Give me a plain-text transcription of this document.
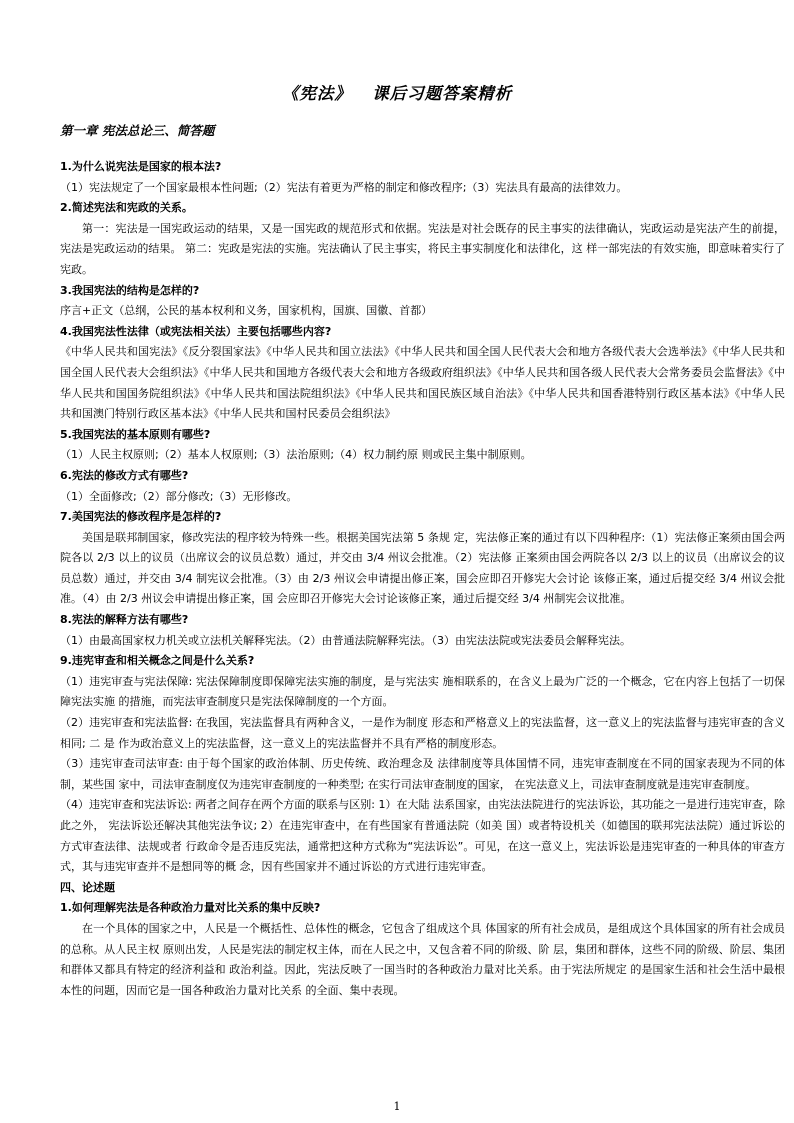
《宪法》   课后习题答案精析
第一章 宪法总论三、简答题

1.为什么说宪法是国家的根本法?

（1）宪法规定了一个国家最根本性问题;（2）宪法有着更为严格的制定和修改程序;（3）宪法具有最高的法律效力。

2.简述宪法和宪政的关系。

第一：宪法是一国宪政运动的结果，又是一国宪政的规范形式和依据。宪法是对社会既存的民主事实的法律确认，宪政运动是宪法产生的前提，宪法是宪政运动的结果。 第二：宪政是宪法的实施。宪法确认了民主事实，将民主事实制度化和法律化，这 样一部宪法的有效实施，即意味着实行了宪政。

3.我国宪法的结构是怎样的?

序言+正文（总纲，公民的基本权利和义务，国家机构，国旗、国徽、首都）

4.我国宪法性法律（或宪法相关法）主要包括哪些内容?

《中华人民共和国宪法》《反分裂国家法》《中华人民共和国立法法》《中华人民共和国全国人民代表大会和地方各级代表大会选举法》《中华人民共和国全国人民代表大会组织法》《中华人民共和国地方各级代表大会和地方各级政府组织法》《中华人民共和国各级人民代表大会常务委员会监督法》《中华人民共和国国务院组织法》《中华人民共和国法院组织法》《中华人民共和国民族区域自治法》《中华人民共和国香港特别行政区基本法》《中华人民共和国澳门特别行政区基本法》《中华人民共和国村民委员会组织法》

5.我国宪法的基本原则有哪些?

（1）人民主权原则;（2）基本人权原则;（3）法治原则;（4）权力制约原 则或民主集中制原则。

6.宪法的修改方式有哪些?

（1）全面修改;（2）部分修改;（3）无形修改。

7.美国宪法的修改程序是怎样的?

美国是联邦制国家，修改宪法的程序较为特殊一些。根据美国宪法第 5 条规 定，宪法修正案的通过有以下四种程序:（1）宪法修正案须由国会两院各以 2/3 以上的议员（出席议会的议员总数）通过，并交由 3/4 州议会批准。（2）宪法修 正案须由国会两院各以 2/3 以上的议员（出席议会的议员总数）通过，并交由 3/4 制宪议会批准。（3）由 2/3 州议会申请提出修正案，国会应即召开修宪大会讨论 该修正案，通过后提交经 3/4 州议会批准。（4）由 2/3 州议会申请提出修正案，国 会应即召开修宪大会讨论该修正案，通过后提交经 3/4 州制宪会议批准。

8.宪法的解释方法有哪些?

（1）由最高国家权力机关或立法机关解释宪法。（2）由普通法院解释宪法。（3）由宪法法院或宪法委员会解释宪法。

9.违宪审查和相关概念之间是什么关系?

（1）违宪审查与宪法保障: 宪法保障制度即保障宪法实施的制度，是与宪法实 施相联系的，在含义上最为广泛的一个概念，它在内容上包括了一切保障宪法实施 的措施，而宪法审查制度只是宪法保障制度的一个方面。

（2）违宪审查和宪法监督: 在我国，宪法监督具有两种含义，一是作为制度 形态和严格意义上的宪法监督，这一意义上的宪法监督与违宪审查的含义相同; 二 是 作为政治意义上的宪法监督，这一意义上的宪法监督并不具有严格的制度形态。

（3）违宪审查司法审查: 由于每个国家的政治体制、历史传统、政治理念及 法律制度等具体国情不同，违宪审查制度在不同的国家表现为不同的体制，某些国 家中，司法审查制度仅为违宪审查制度的一种类型; 在实行司法审查制度的国家， 在宪法意义上，司法审查制度就是违宪审查制度。

（4）违宪审查和宪法诉讼: 两者之间存在两个方面的联系与区别: 1）在大陆 法系国家，由宪法法院进行的宪法诉讼，其功能之一是进行违宪审查，除此之外， 宪法诉讼还解决其他宪法争议; 2）在违宪审查中，在有些国家有普通法院（如美 国）或者特设机关（如德国的联邦宪法法院）通过诉讼的方式审查法律、法规或者 行政命令是否违反宪法，通常把这种方式称为“宪法诉讼”。可见，在这一意义上，宪法诉讼是违宪审查的一种具体的审查方式，其与违宪审查并不是想同等的概 念，因有些国家并不通过诉讼的方式进行违宪审查。

四、论述题

1.如何理解宪法是各种政治力量对比关系的集中反映?

在一个具体的国家之中，人民是一个概括性、总体性的概念，它包含了组成这个具 体国家的所有社会成员，是组成这个具体国家的所有社会成员的总称。从人民主权 原则出发，人民是宪法的制定权主体，而在人民之中，又包含着不同的阶级、阶 层，集团和群体，这些不同的阶级、阶层、集团和群体又都具有特定的经济利益和 政治利益。因此，宪法反映了一国当时的各种政治力量对比关系。由于宪法所规定 的是国家生活和社会生活中最根本性的问题，因而它是一国各种政治力量对比关系 的全面、集中表现。

1
